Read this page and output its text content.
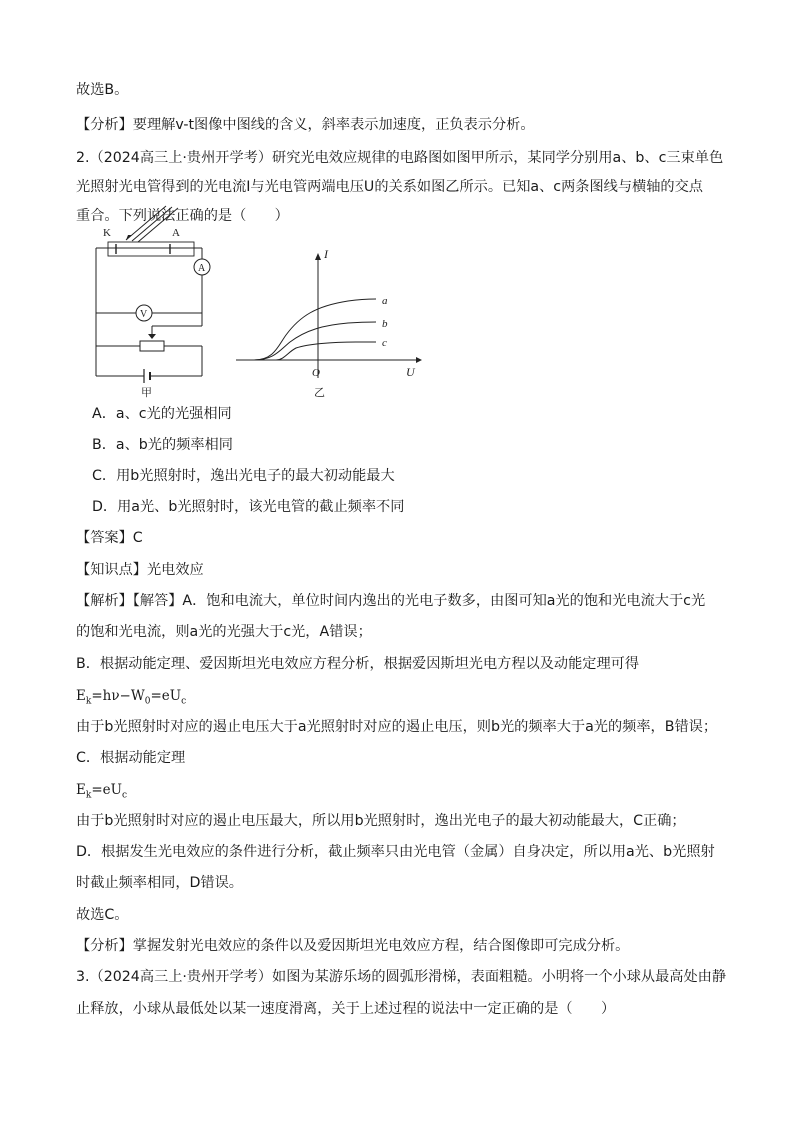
故选B。
【分析】要理解v-t图像中图线的含义，斜率表示加速度，正负表示分析。
2.（2024高三上·贵州开学考）研究光电效应规律的电路图如图甲所示，某同学分别用a、b、c三束单色
光照射光电管得到的光电流I与光电管两端电压U的关系如图乙所示。已知a、c两条图线与横轴的交点
重合。下列说法正确的是（　　）
K	A
A
V
甲
I
U
O
a
b
c
乙
A．a、c光的光强相同
B．a、b光的频率相同
C．用b光照射时，逸出光电子的最大初动能最大
D．用a光、b光照射时，该光电管的截止频率不同
【答案】C
【知识点】光电效应
【解析】【解答】A．饱和电流大，单位时间内逸出的光电子数多，由图可知a光的饱和光电流大于c光
的饱和光电流，则a光的光强大于c光，A错误；
B．根据动能定理、爱因斯坦光电效应方程分析，根据爱因斯坦光电方程以及动能定理可得
$E_k=h\nu-W_0=eU_c$
由于b光照射时对应的遏止电压大于a光照射时对应的遏止电压，则b光的频率大于a光的频率，B错误；
C．根据动能定理
$E_k=eU_c$
由于b光照射时对应的遏止电压最大，所以用b光照射时，逸出光电子的最大初动能最大，C正确；
D．根据发生光电效应的条件进行分析，截止频率只由光电管（金属）自身决定，所以用a光、b光照射
时截止频率相同，D错误。
故选C。
【分析】掌握发射光电效应的条件以及爱因斯坦光电效应方程，结合图像即可完成分析。
3.（2024高三上·贵州开学考）如图为某游乐场的圆弧形滑梯，表面粗糙。小明将一个小球从最高处由静
止释放，小球从最低处以某一速度滑离，关于上述过程的说法中一定正确的是（　　）
